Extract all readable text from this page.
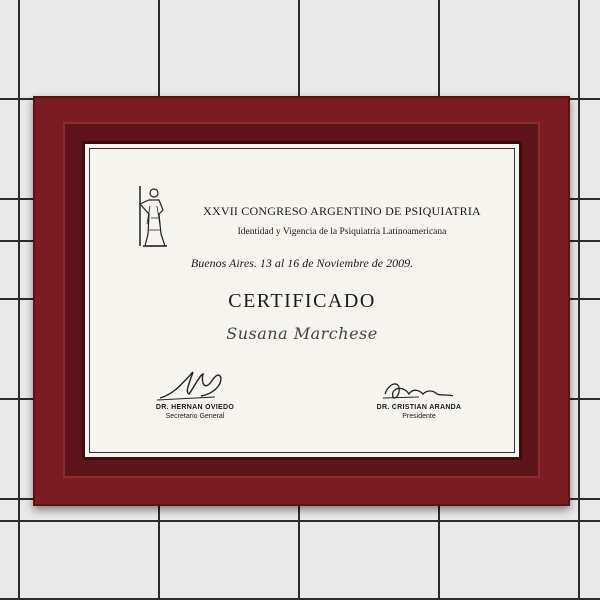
XXVII CONGRESO ARGENTINO DE PSIQUIATRIA
Identidad y Vigencia de la Psiquiatría Latinoamericana
Buenos Aires. 13 al 16 de Noviembre de 2009.
CERTIFICADO
Susana Marchese
DR. HERNAN OVIEDO
Secretario General
DR. CRISTIAN ARANDA
Presidente
